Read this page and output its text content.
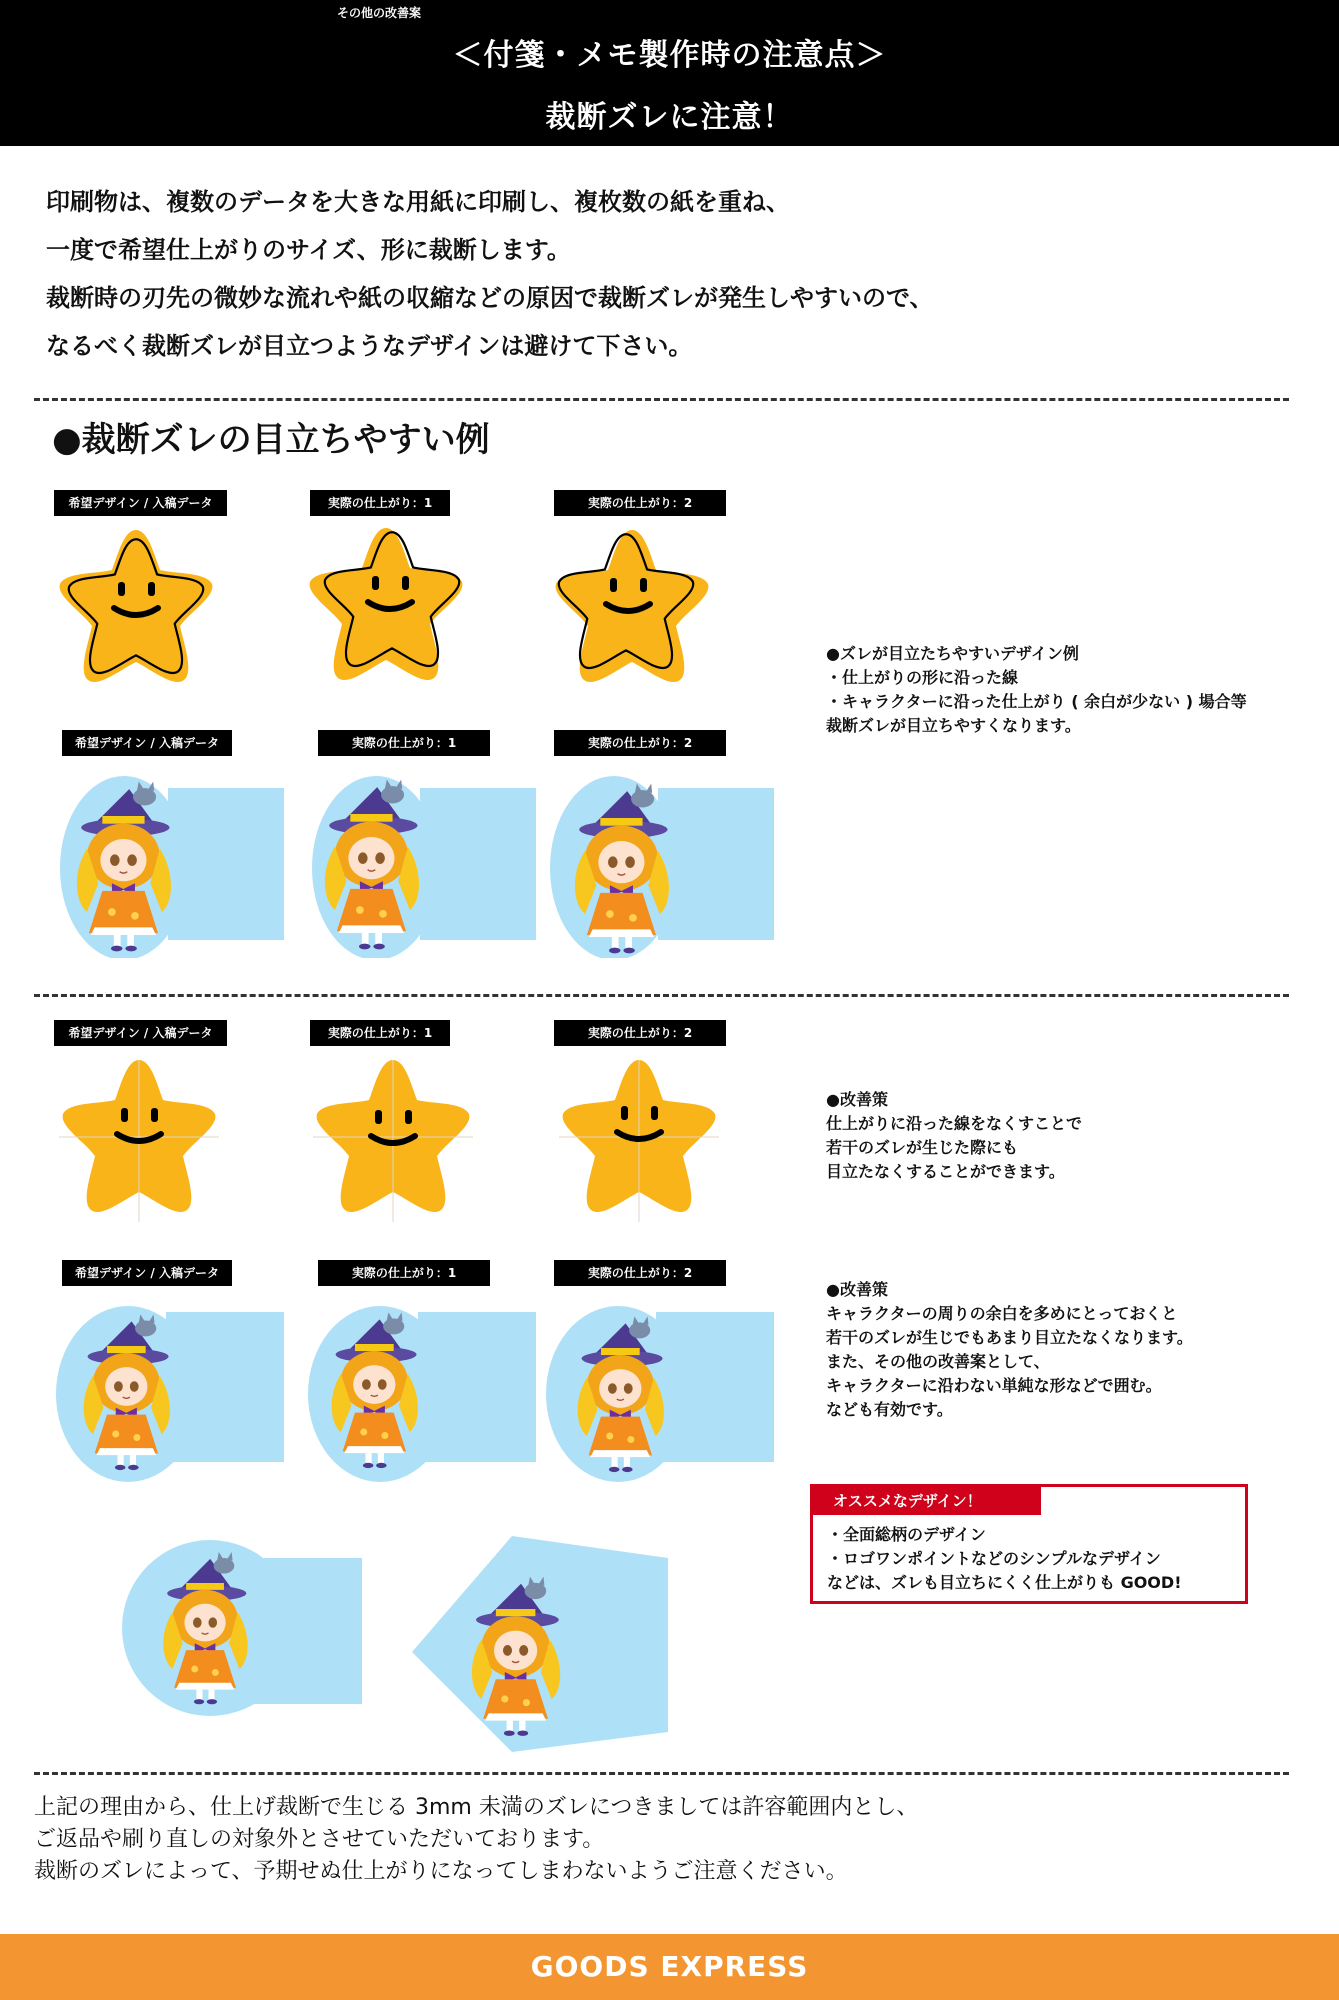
＜付箋・メモ製作時の注意点＞
裁断ズレに注意！
印刷物は、複数のデータを大きな用紙に印刷し、複枚数の紙を重ね、
一度で希望仕上がりのサイズ、形に裁断します。
裁断時の刃先の微妙な流れや紙の収縮などの原因で裁断ズレが発生しやすいので、
なるべく裁断ズレが目立つようなデザインは避けて下さい。
●裁断ズレの目立ちやすい例
希望デザイン / 入稿データ	実際の仕上がり：1	実際の仕上がり：2
●ズレが目立たちやすいデザイン例
・仕上がりの形に沿った線
・キャラクターに沿った仕上がり ( 余白が少ない ) 場合等
裁断ズレが目立ちやすくなります。
希望デザイン / 入稿データ	実際の仕上がり：1	実際の仕上がり：2
希望デザイン / 入稿データ	実際の仕上がり：1	実際の仕上がり：2
●改善策
仕上がりに沿った線をなくすことで
若干のズレが生じた際にも
目立たなくすることができます。
希望デザイン / 入稿データ	実際の仕上がり：1	実際の仕上がり：2
●改善策
キャラクターの周りの余白を多めにとっておくと
若干のズレが生じでもあまり目立たなくなります。
また、その他の改善案として、
キャラクターに沿わない単純な形などで囲む。
なども有効です。
オススメなデザイン！
・全面総柄のデザイン
・ロゴワンポイントなどのシンプルなデザイン
などは、ズレも目立ちにくく仕上がりも GOOD!
その他の改善案
上記の理由から、仕上げ裁断で生じる 3mm 未満のズレにつきましては許容範囲内とし、
ご返品や刷り直しの対象外とさせていただいております。
裁断のズレによって、予期せぬ仕上がりになってしまわないようご注意ください。
GOODS EXPRESS
